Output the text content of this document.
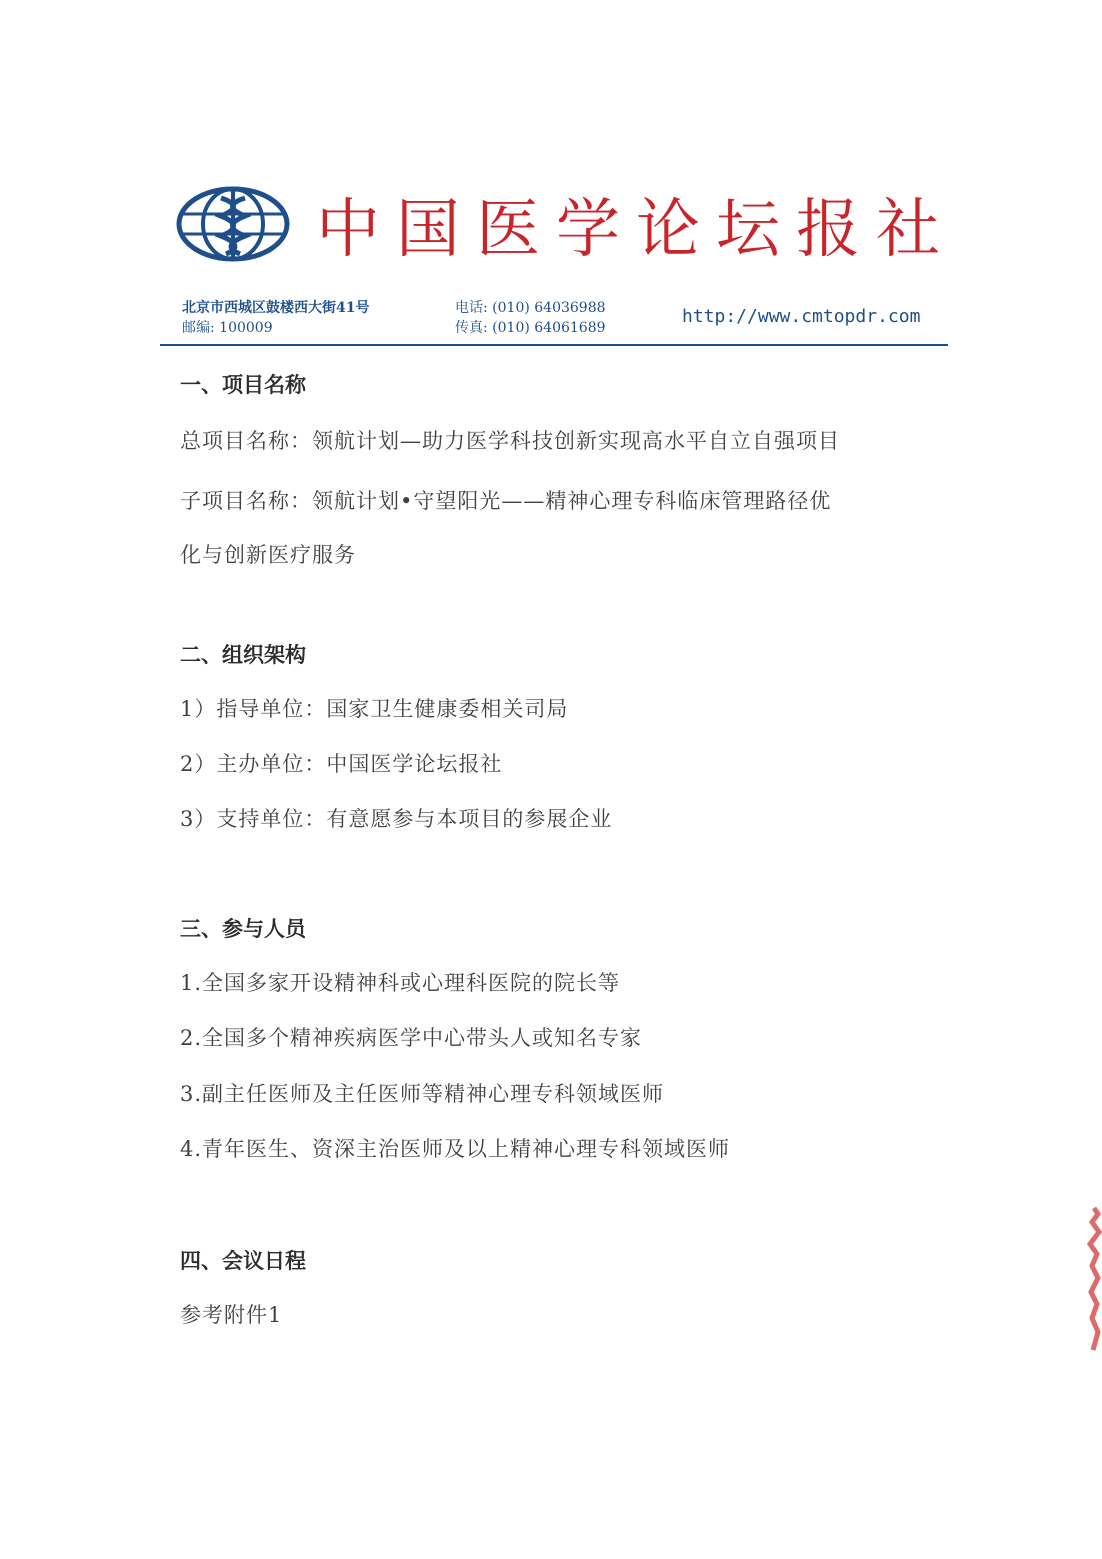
中国医学论坛报社
北京市西城区鼓楼西大街41号
邮编: 100009
电话: (010) 64036988
传真: (010) 64061689
http://www.cmtopdr.com
一、项目名称
总项目名称：领航计划—助力医学科技创新实现高水平自立自强项目
子项目名称：领航计划•守望阳光——精神心理专科临床管理路径优
化与创新医疗服务
二、组织架构
1）指导单位：国家卫生健康委相关司局
2）主办单位：中国医学论坛报社
3）支持单位：有意愿参与本项目的参展企业
三、参与人员
1.全国多家开设精神科或心理科医院的院长等
2.全国多个精神疾病医学中心带头人或知名专家
3.副主任医师及主任医师等精神心理专科领域医师
4.青年医生、资深主治医师及以上精神心理专科领域医师
四、会议日程
参考附件1
